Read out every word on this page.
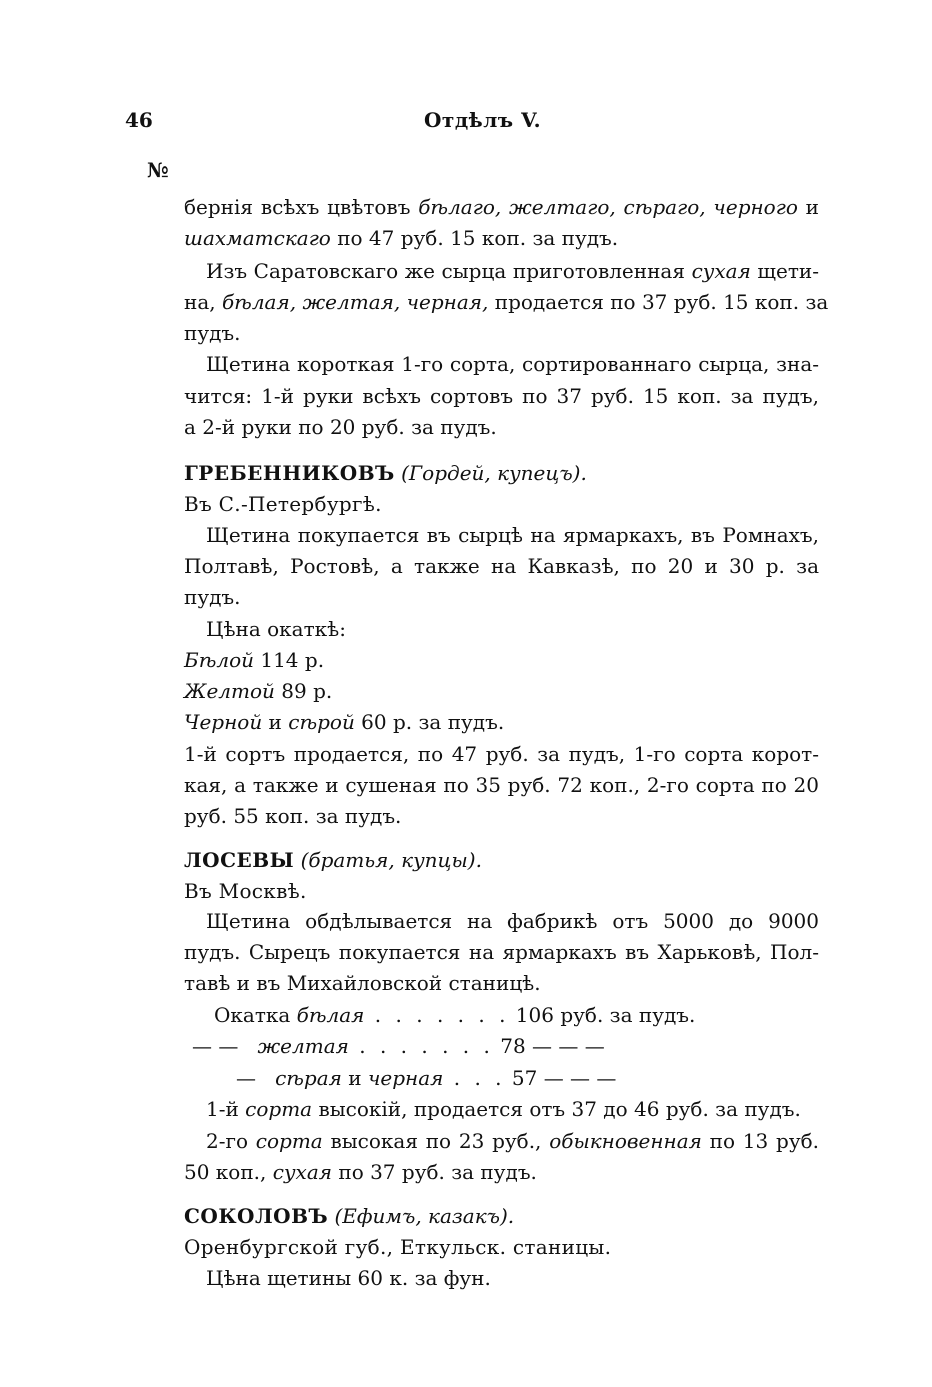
46	Отдѣлъ V.
№
бернія всѣхъ цвѣтовъ бѣлаго, желтаго, сѣраго, черного и
шахматскаго по 47 руб. 15 коп. за пудъ.
Изъ Саратовскаго же сырца приготовленная сухая щети-
на, бѣлая, желтая, черная, продается по 37 руб. 15 коп. за
пудъ.
Щетина короткая 1-го сорта, сортированнаго сырца, зна-
чится: 1-й руки всѣхъ сортовъ по 37 руб. 15 коп. за пудъ,
а 2-й руки по 20 руб. за пудъ.
ГРЕБЕННИКОВЪ (Гордей, купецъ).
Въ С.-Петербургѣ.
Щетина покупается въ сырцѣ на ярмаркахъ, въ Ромнахъ,
Полтавѣ, Ростовѣ, а также на Кавказѣ, по 20 и 30 р. за
пудъ.
Цѣна окаткѣ:
Бѣлой 114 р.
Желтой 89 р.
Черной и сѣрой 60 р. за пудъ.
1-й сортъ продается, по 47 руб. за пудъ, 1-го сорта корот-
кая, а также и сушеная по 35 руб. 72 коп., 2-го сорта по 20
руб. 55 коп. за пудъ.
ЛОСЕВЫ (братья, купцы).
Въ Москвѣ.
Щетина обдѣлывается на фабрикѣ отъ 5000 до 9000
пудъ. Сырецъ покупается на ярмаркахъ въ Харьковѣ, Пол-
тавѣ и въ Михайловской станицѣ.
Окатка бѣлая . . . . . . . 106 руб. за пудъ.
— — желтая . . . . . . . 78 — — —
— сѣрая и черная . . . 57 — — —
1-й сорта высокій, продается отъ 37 до 46 руб. за пудъ.
2-го сорта высокая по 23 руб., обыкновенная по 13 руб.
50 коп., сухая по 37 руб. за пудъ.
СОКОЛОВЪ (Ефимъ, казакъ).
Оренбургской губ., Еткульск. станицы.
Цѣна щетины 60 к. за фун.
